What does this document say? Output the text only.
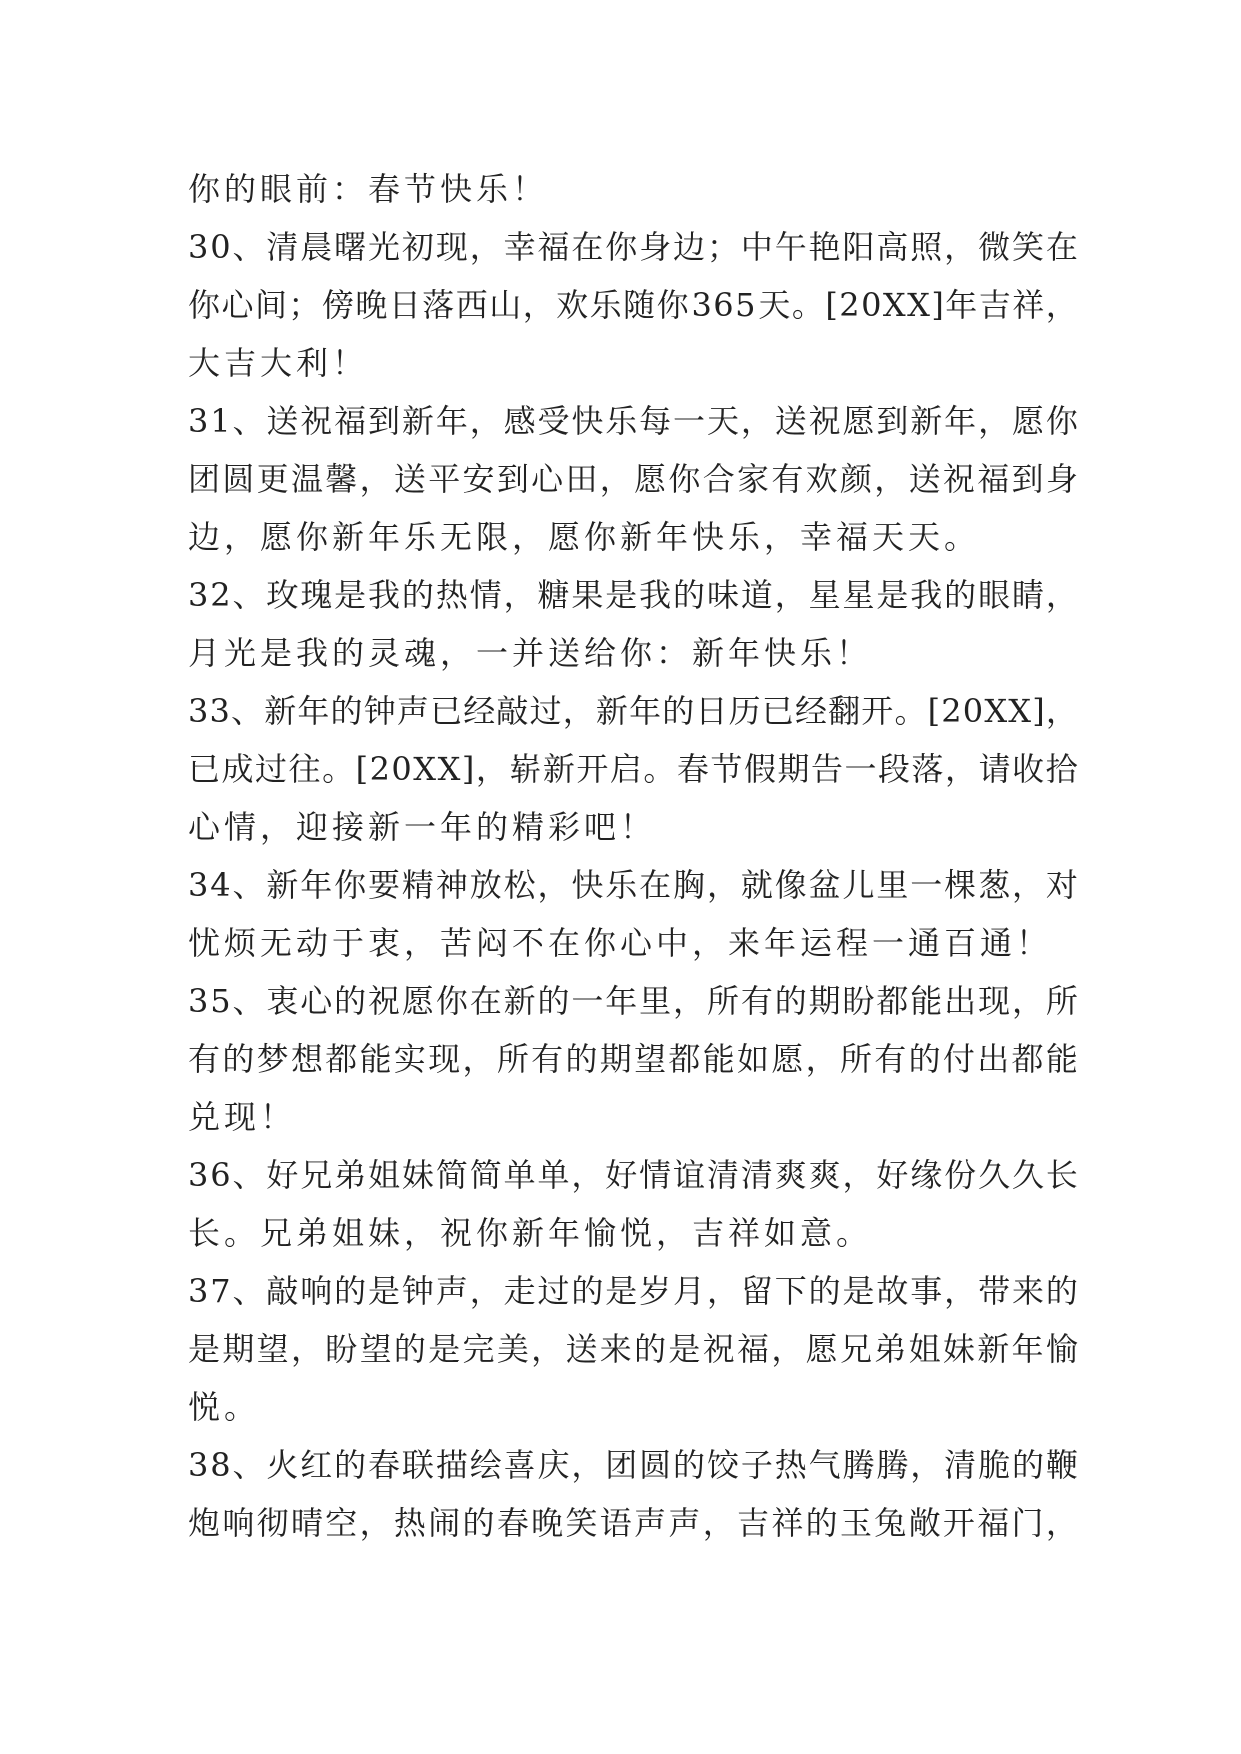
你的眼前：春节快乐！
3 0 、 清 晨 曙 光 初 现 ， 幸 福 在 你 身 边 ； 中 午 艳 阳 高 照 ， 微 笑 在
你 心 间 ； 傍 晚 日 落 西 山 ， 欢 乐 随 你 3 6 5 天 。 [ 2 0 X X ] 年 吉 祥 ，
大吉大利！
3 1 、 送 祝 福 到 新 年 ， 感 受 快 乐 每 一 天 ， 送 祝 愿 到 新 年 ， 愿 你
团 圆 更 温 馨 ， 送 平 安 到 心 田 ， 愿 你 合 家 有 欢 颜 ， 送 祝 福 到 身
边，愿你新年乐无限，愿你新年快乐，幸福天天。
3 2 、 玫 瑰 是 我 的 热 情 ， 糖 果 是 我 的 味 道 ， 星 星 是 我 的 眼 睛 ，
月光是我的灵魂，一并送给你：新年快乐！
3 3 、 新 年 的 钟 声 已 经 敲 过 ， 新 年 的 日 历 已 经 翻 开 。 [ 2 0 X X ] ，
已 成 过 往 。 [ 2 0 X X ] ， 崭 新 开 启 。 春 节 假 期 告 一 段 落 ， 请 收 拾
心情，迎接新一年的精彩吧！
3 4 、 新 年 你 要 精 神 放 松 ， 快 乐 在 胸 ， 就 像 盆 儿 里 一 棵 葱 ， 对
忧烦无动于衷，苦闷不在你心中，来年运程一通百通！
3 5 、 衷 心 的 祝 愿 你 在 新 的 一 年 里 ， 所 有 的 期 盼 都 能 出 现 ， 所
有 的 梦 想 都 能 实 现 ， 所 有 的 期 望 都 能 如 愿 ， 所 有 的 付 出 都 能
兑现！
3 6 、 好 兄 弟 姐 妹 简 简 单 单 ， 好 情 谊 清 清 爽 爽 ， 好 缘 份 久 久 长
长。兄弟姐妹，祝你新年愉悦，吉祥如意。
3 7 、 敲 响 的 是 钟 声 ， 走 过 的 是 岁 月 ， 留 下 的 是 故 事 ， 带 来 的
是 期 望 ， 盼 望 的 是 完 美 ， 送 来 的 是 祝 福 ， 愿 兄 弟 姐 妹 新 年 愉
悦。
3 8 、 火 红 的 春 联 描 绘 喜 庆 ， 团 圆 的 饺 子 热 气 腾 腾 ， 清 脆 的 鞭
炮 响 彻 晴 空 ， 热 闹 的 春 晚 笑 语 声 声 ， 吉 祥 的 玉 兔 敞 开 福 门 ，
